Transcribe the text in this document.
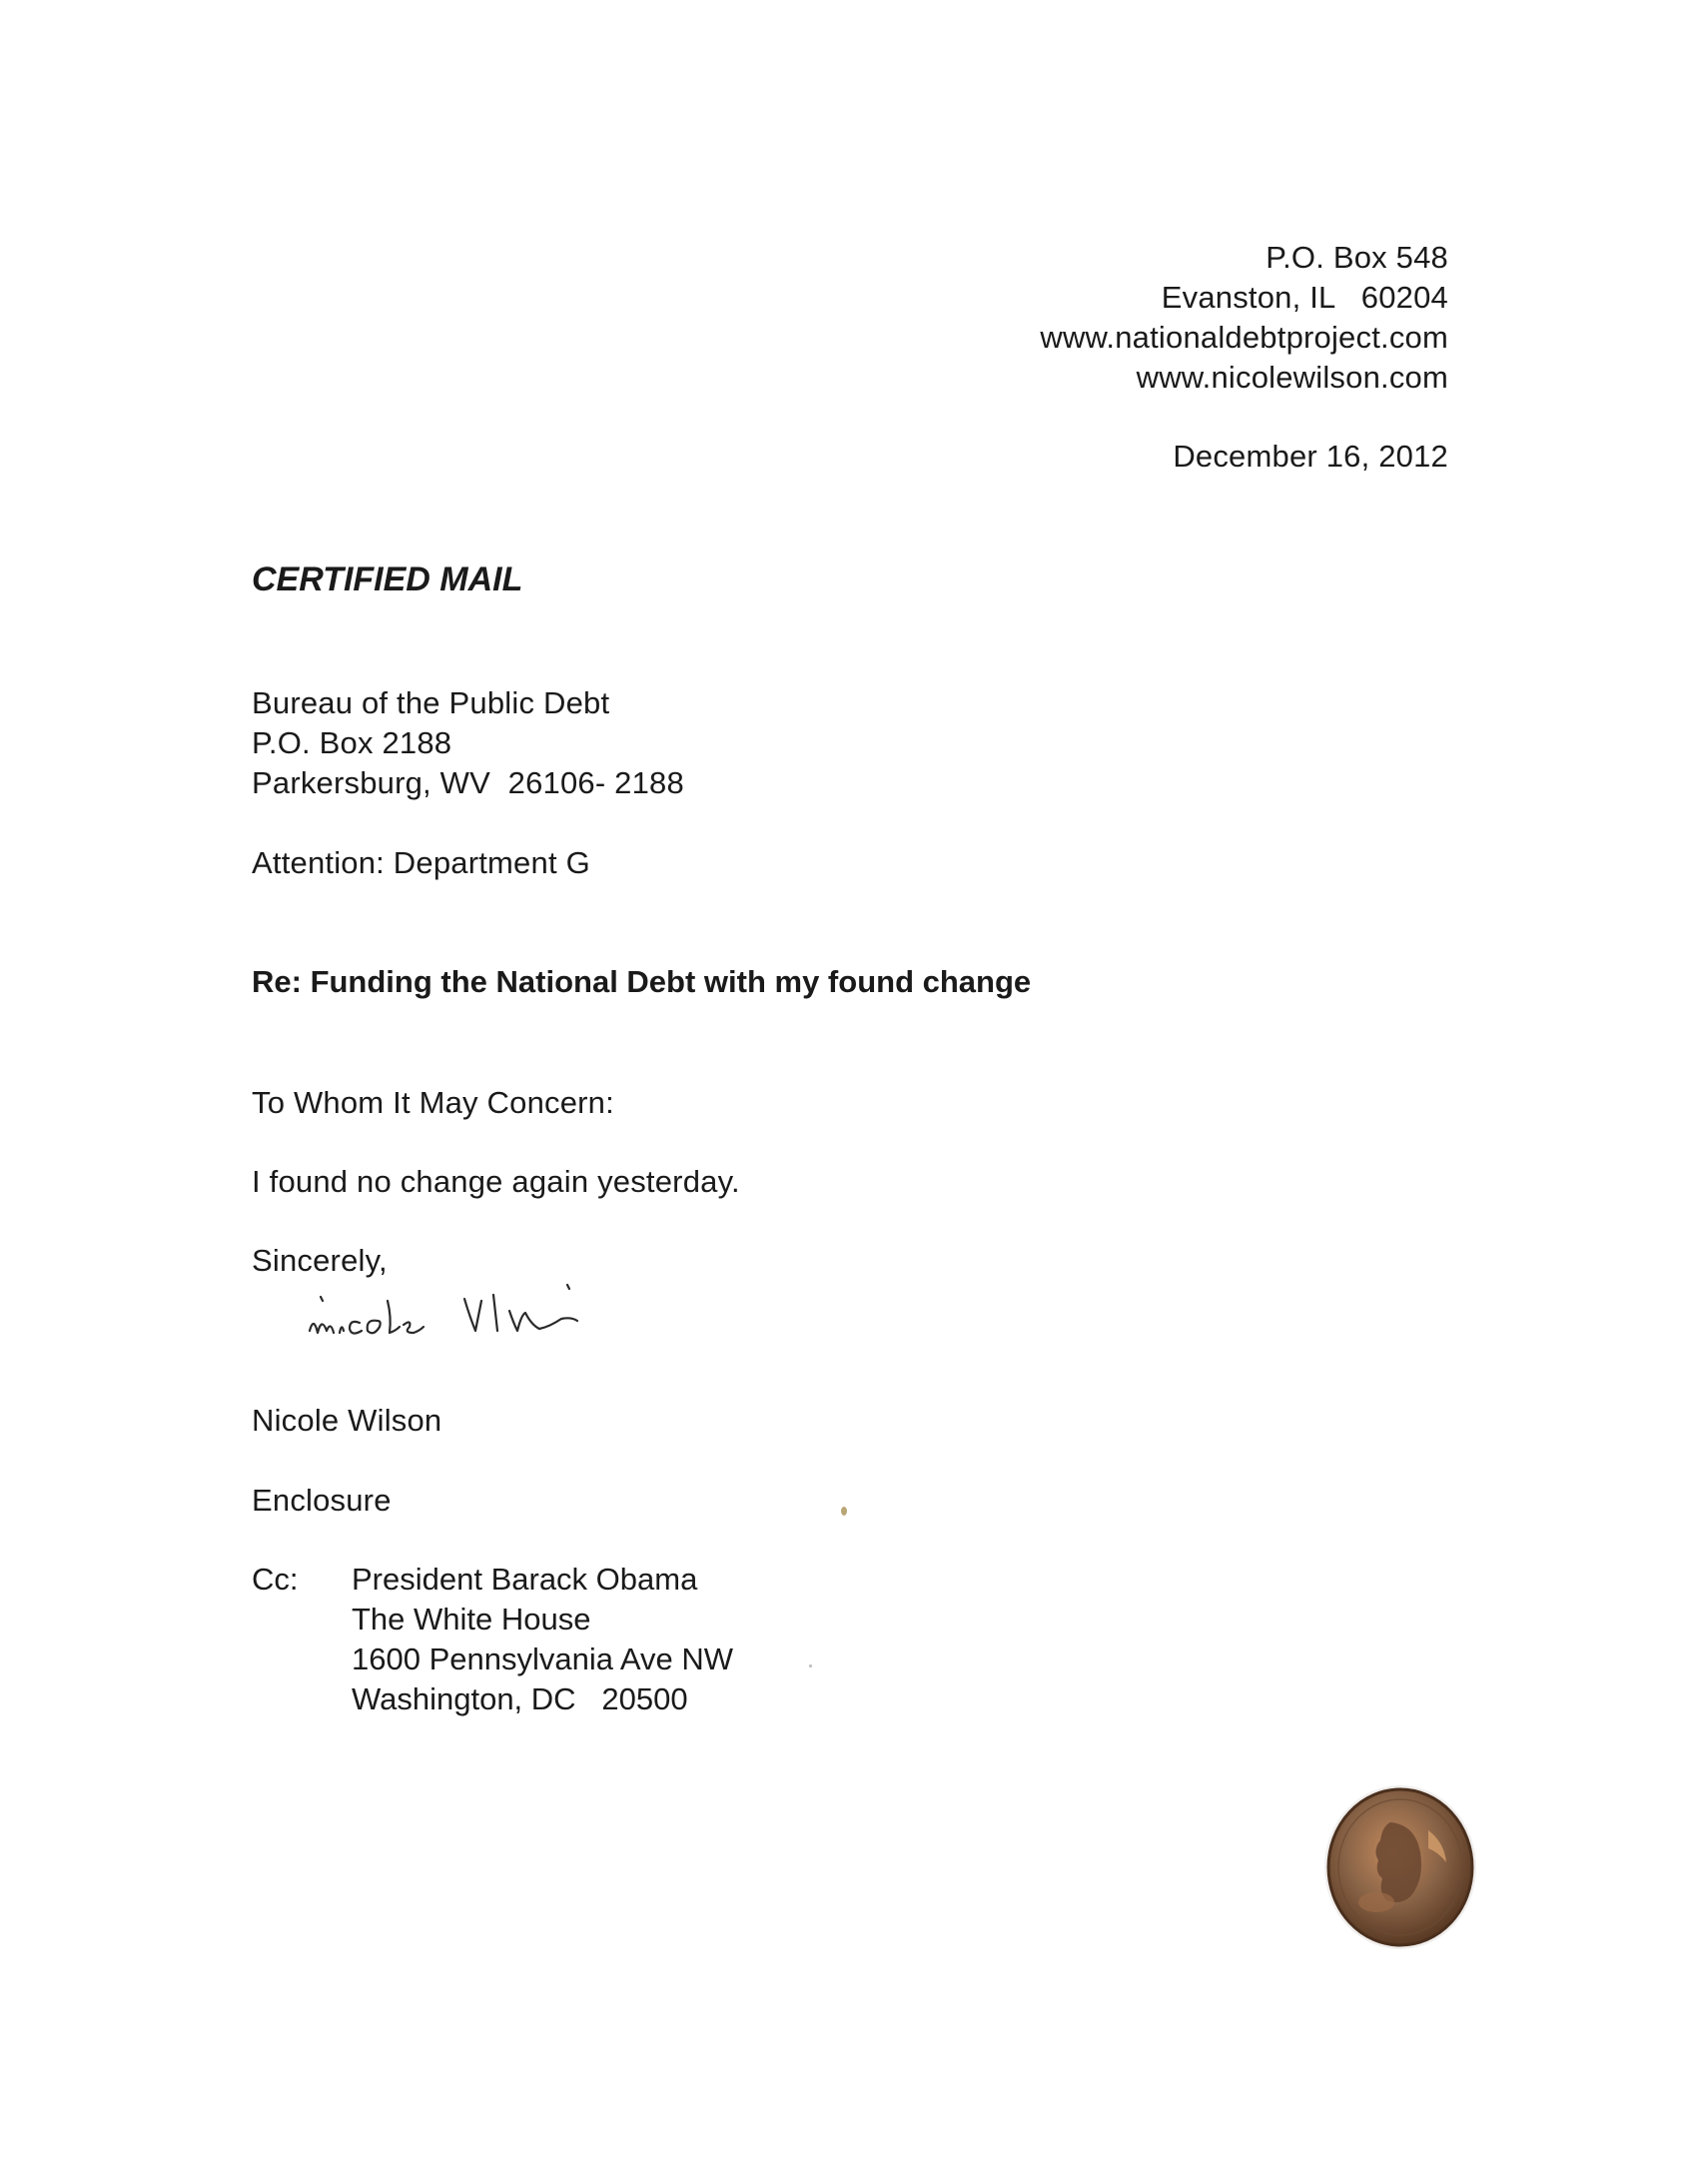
P.O. Box 548
Evanston, IL   60204
www.nationaldebtproject.com
www.nicolewilson.com
December 16, 2012
CERTIFIED MAIL
Bureau of the Public Debt
P.O. Box 2188
Parkersburg, WV  26106- 2188
Attention: Department G
Re: Funding the National Debt with my found change
To Whom It May Concern:
I found no change again yesterday.
Sincerely,
Nicole Wilson
Enclosure
Cc: President Barack Obama
The White House
1600 Pennsylvania Ave NW
Washington, DC   20500
